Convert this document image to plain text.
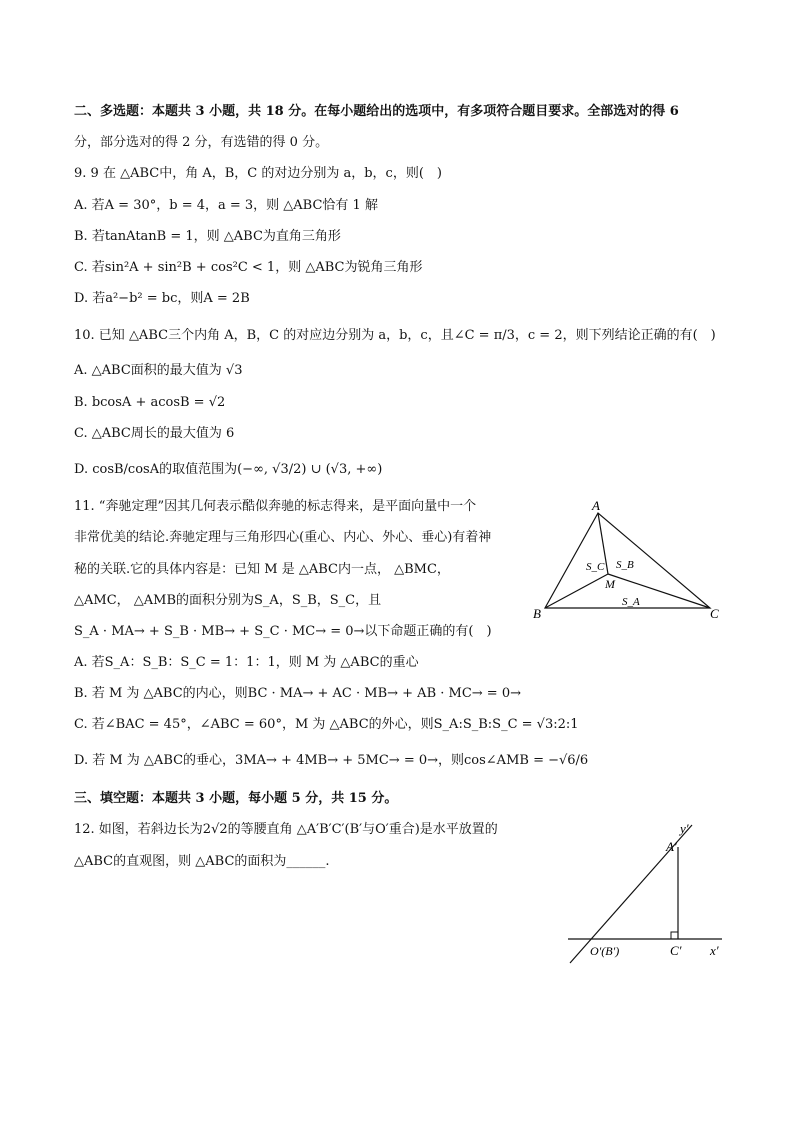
二、多选题：本题共 3 小题，共 18 分。在每小题给出的选项中，有多项符合题目要求。全部选对的得 6
分，部分选对的得 2 分，有选错的得 0 分。
9. 9 在 △ABC中，角 A，B，C 的对边分别为 a，b，c，则(　)
A. 若A = 30°，b = 4，a = 3，则 △ABC恰有 1 解
B. 若tanAtanB = 1，则 △ABC为直角三角形
C. 若sin²A + sin²B + cos²C < 1，则 △ABC为锐角三角形
D. 若a²−b² = bc，则A = 2B
10. 已知 △ABC三个内角 A，B，C 的对应边分别为 a，b，c，且∠C = π/3，c = 2，则下列结论正确的有(　)
A. △ABC面积的最大值为 √3
B. bcosA + acosB = √2
C. △ABC周长的最大值为 6
D. cosB/cosA的取值范围为(−∞, √3/2) ∪ (√3, +∞)
11. “奔驰定理”因其几何表示酷似奔驰的标志得来，是平面向量中一个
非常优美的结论.奔驰定理与三角形四心(重心、内心、外心、垂心)有着神
秘的关联.它的具体内容是：已知 M 是 △ABC内一点， △BMC，
△AMC， △AMB的面积分别为S_A，S_B，S_C，且
S_A · MA→ + S_B · MB→ + S_C · MC→ = 0→以下命题正确的有(　)
A. 若S_A：S_B：S_C = 1：1：1，则 M 为 △ABC的重心
B. 若 M 为 △ABC的内心，则BC · MA→ + AC · MB→ + AB · MC→ = 0→
C. 若∠BAC = 45°，∠ABC = 60°，M 为 △ABC的外心，则S_A:S_B:S_C = √3:2:1
D. 若 M 为 △ABC的垂心，3MA→ + 4MB→ + 5MC→ = 0→，则cos∠AMB = −√6/6
A
B	C
M
S_C S_B
S_A
三、填空题：本题共 3 小题，每小题 5 分，共 15 分。
12. 如图，若斜边长为2√2的等腰直角 △A′B′C′(B′与O′重合)是水平放置的
△ABC的直观图，则 △ABC的面积为______.
y′
A′
O′(B′)	C′ x′
